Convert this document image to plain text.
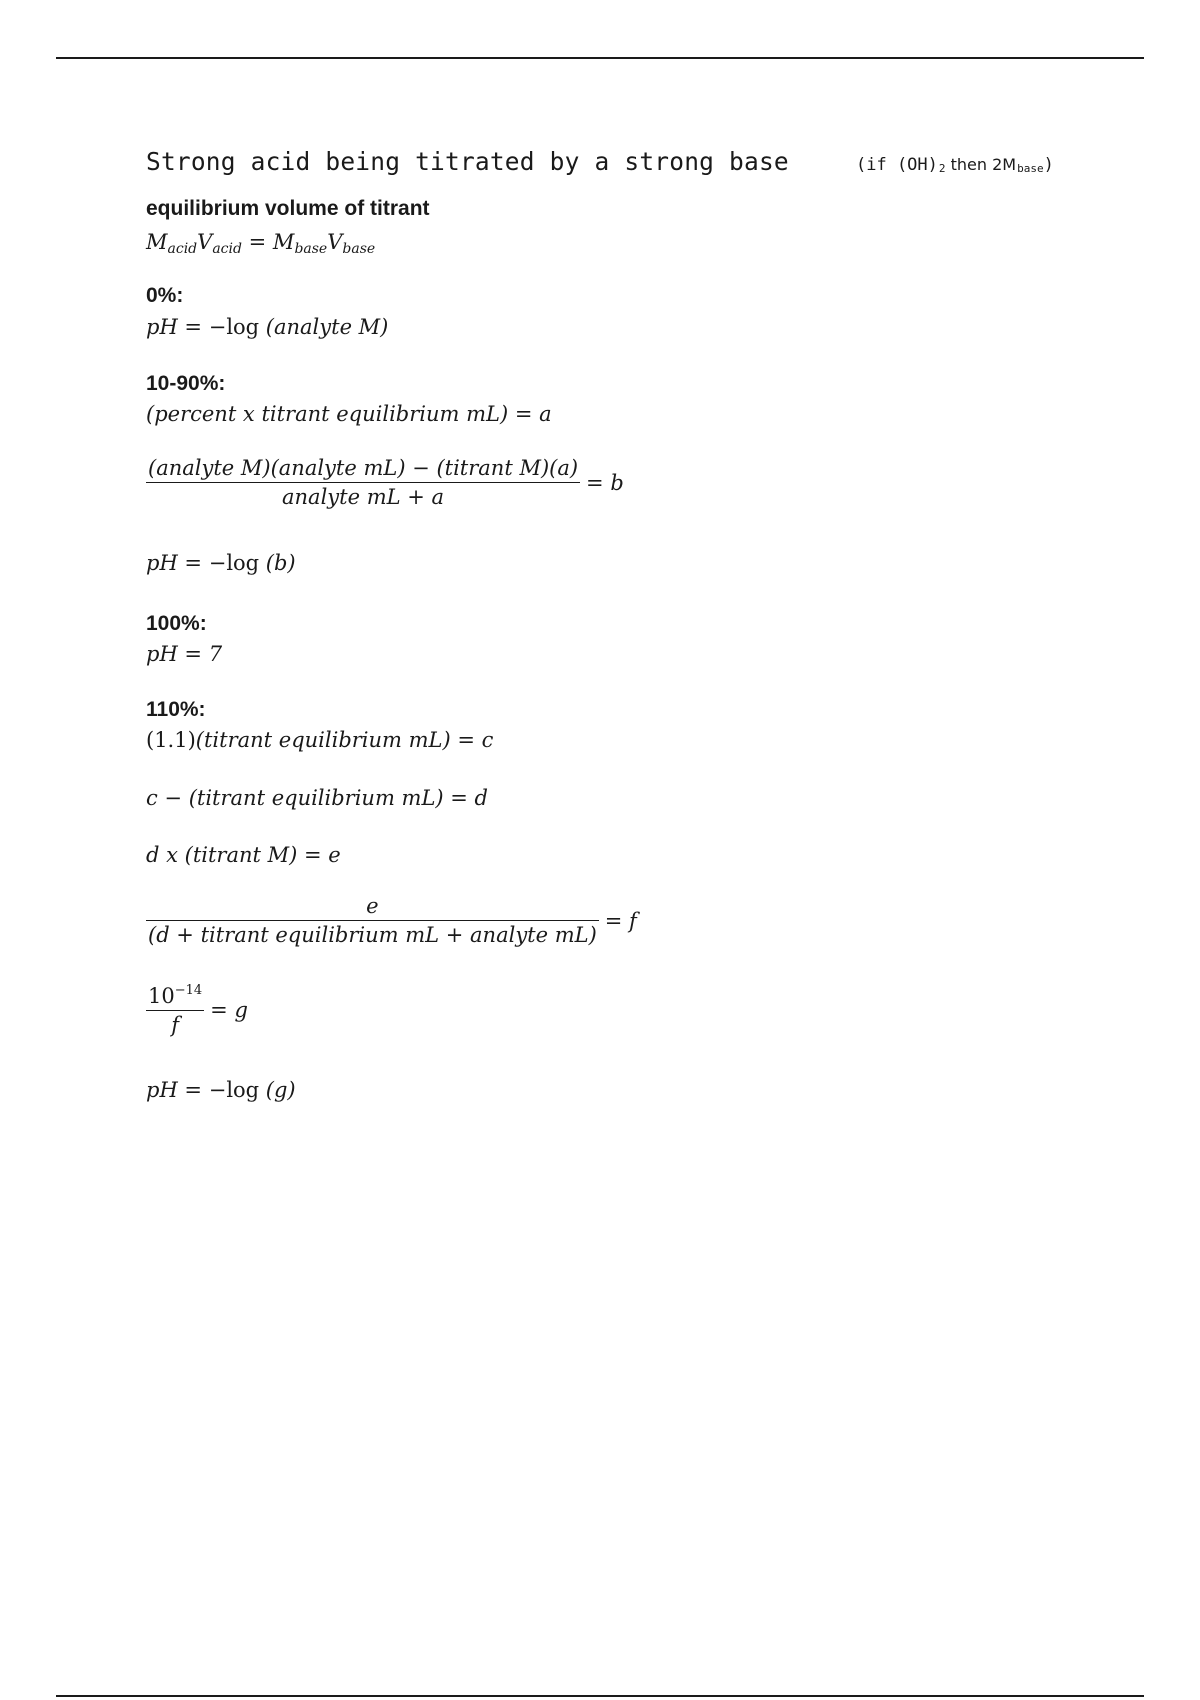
Strong acid being titrated by a strong base	(if $(OH)_2$ then $2M_{base}$)
equilibrium volume of titrant
$M_{acid}V_{acid} = M_{base}V_{base}$
0%:
pH = −log (analyte M)
10-90%:
(percent x titrant equilibrium mL) = a
$\frac{\text{(analyte M)(analyte mL) − (titrant M)(a)}}{\text{analyte mL + a}} = b$
pH = −log (b)
100%:
pH = 7
110%:
(1.1)(titrant equilibrium mL) = c
c − (titrant equilibrium mL) = d
d x (titrant M) = e
$\frac{e}{\text{(d + titrant equilibrium mL + analyte mL)}} = f$
$\frac{10^{-14}}{f} = g$
pH = −log (g)
